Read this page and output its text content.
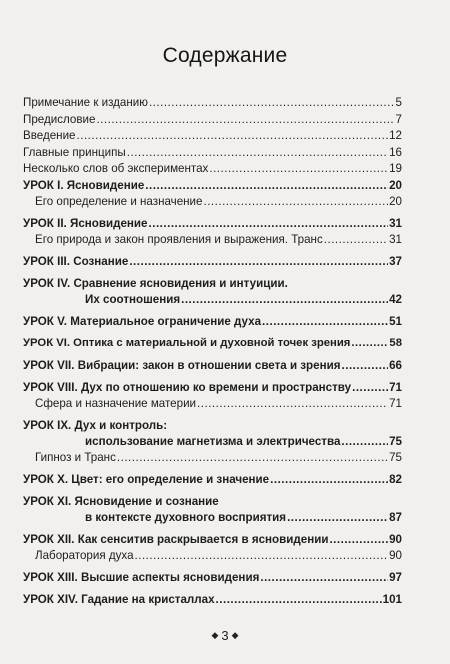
Содержание
Примечание к изданию .....	5
Предисловие .....	7
Введение .....	12
Главные принципы .....	16
Несколько слов об экспериментах .....	19
УРОК I. Ясновидение .....	20
Его определение и назначение .....	20
УРОК II. Ясновидение .....	31
Его природа и закон проявления и выражения. Транс .....	31
УРОК III. Сознание .....	37
УРОК IV. Сравнение ясновидения и интуиции.
Их соотношения .....	42
УРОК V. Материальное ограничение духа .....	51
УРОК VI. Оптика с материальной и духовной точек зрения .....	58
УРОК VII. Вибрации: закон в отношении света и зрения .....	66
УРОК VIII. Дух по отношению ко времени и пространству .....	71
Сфера и назначение материи .....	71
УРОК IX. Дух и контроль:
использование магнетизма и электричества .....	75
Гипноз и Транс .....	75
УРОК X. Цвет: его определение и значение .....	82
УРОК XI. Ясновидение и сознание
в контексте духовного восприятия .....	87
УРОК XII. Как сенситив раскрывается в ясновидении .....	90
Лаборатория духа .....	90
УРОК XIII. Высшие аспекты ясновидения .....	97
УРОК XIV. Гадание на кристаллах .....	101
◆ 3 ◆
